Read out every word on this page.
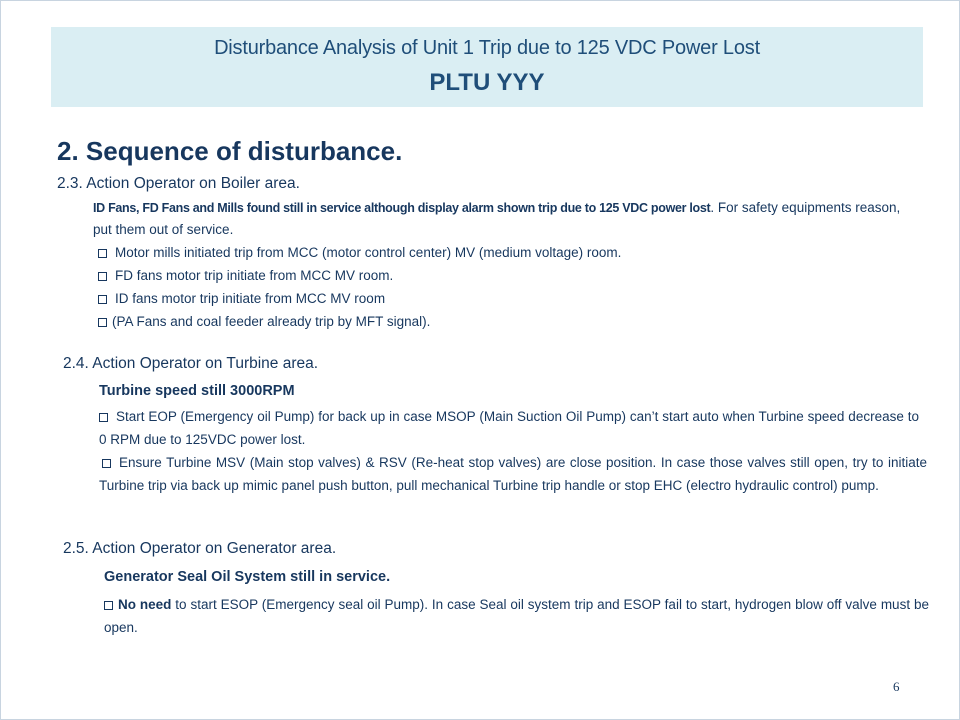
Disturbance Analysis of Unit 1 Trip due to 125 VDC Power Lost
PLTU YYY
2. Sequence of disturbance.
2.3. Action Operator on Boiler area.
ID Fans, FD Fans and Mills found still in service although display alarm shown trip due to 125 VDC power lost. For safety equipments reason, put them out of service.
Motor mills initiated trip from MCC (motor control center) MV (medium voltage) room.
FD fans motor trip initiate from MCC MV room.
ID fans motor trip initiate from MCC MV room
(PA Fans and coal feeder already trip by MFT signal).
2.4. Action Operator on Turbine area.
Turbine speed still 3000RPM
Start EOP (Emergency oil Pump) for back up in case MSOP (Main Suction Oil Pump) can’t start auto when Turbine speed decrease to 0 RPM due to 125VDC power lost.
Ensure Turbine MSV (Main stop valves) & RSV (Re-heat stop valves) are close position. In case those valves still open, try to initiate Turbine trip via back up mimic panel push button, pull mechanical Turbine trip handle or stop EHC (electro hydraulic control) pump.
2.5. Action Operator on Generator area.
Generator Seal Oil System still in service.
No need to start ESOP (Emergency seal oil Pump). In case Seal oil system trip and ESOP fail to start, hydrogen blow off valve must be open.
6
